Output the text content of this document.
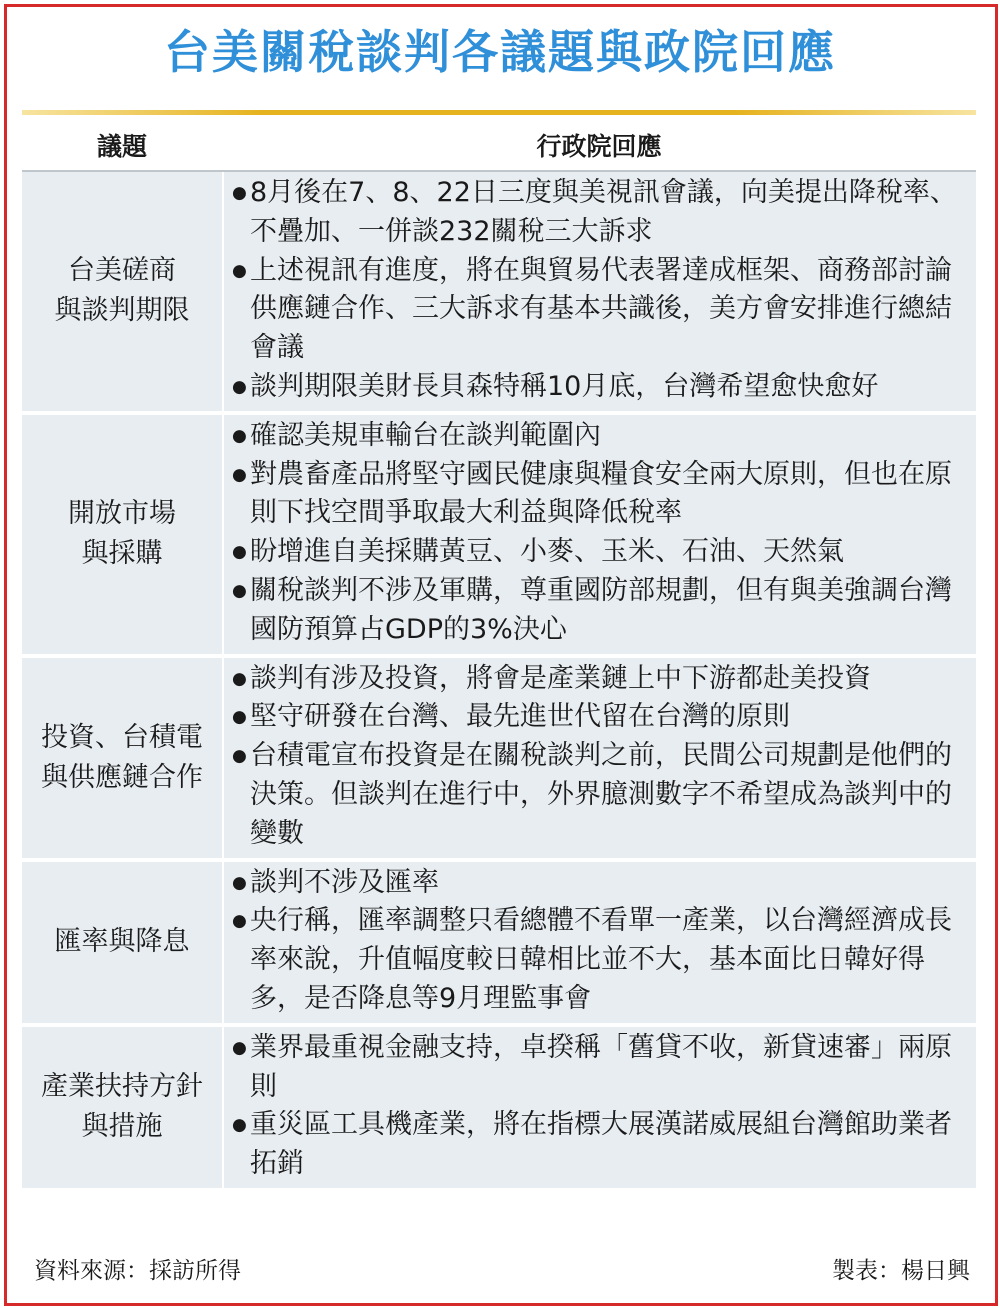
台美關稅談判各議題與政院回應
議題	行政院回應
台美磋商
與談判期限
● 8月後在7、8、22日三度與美視訊會議，向美提出降稅率、不疊加、一併談232關稅三大訴求
● 上述視訊有進度，將在與貿易代表署達成框架、商務部討論供應鏈合作、三大訴求有基本共識後，美方會安排進行總結會議
● 談判期限美財長貝森特稱10月底，台灣希望愈快愈好
開放市場
與採購
● 確認美規車輸台在談判範圍內
● 對農畜產品將堅守國民健康與糧食安全兩大原則，但也在原則下找空間爭取最大利益與降低稅率
● 盼增進自美採購黃豆、小麥、玉米、石油、天然氣
● 關稅談判不涉及軍購，尊重國防部規劃，但有與美強調台灣國防預算占GDP的3%決心
投資、台積電
與供應鏈合作
● 談判有涉及投資，將會是產業鏈上中下游都赴美投資
● 堅守研發在台灣、最先進世代留在台灣的原則
● 台積電宣布投資是在關稅談判之前，民間公司規劃是他們的決策。但談判在進行中，外界臆測數字不希望成為談判中的變數
匯率與降息
● 談判不涉及匯率
● 央行稱，匯率調整只看總體不看單一產業，以台灣經濟成長率來說，升值幅度較日韓相比並不大，基本面比日韓好得多，是否降息等9月理監事會
產業扶持方針
與措施
● 業界最重視金融支持，卓揆稱「舊貸不收，新貸速審」兩原則
● 重災區工具機產業，將在指標大展漢諾威展組台灣館助業者拓銷
資料來源：採訪所得	製表：楊日興
